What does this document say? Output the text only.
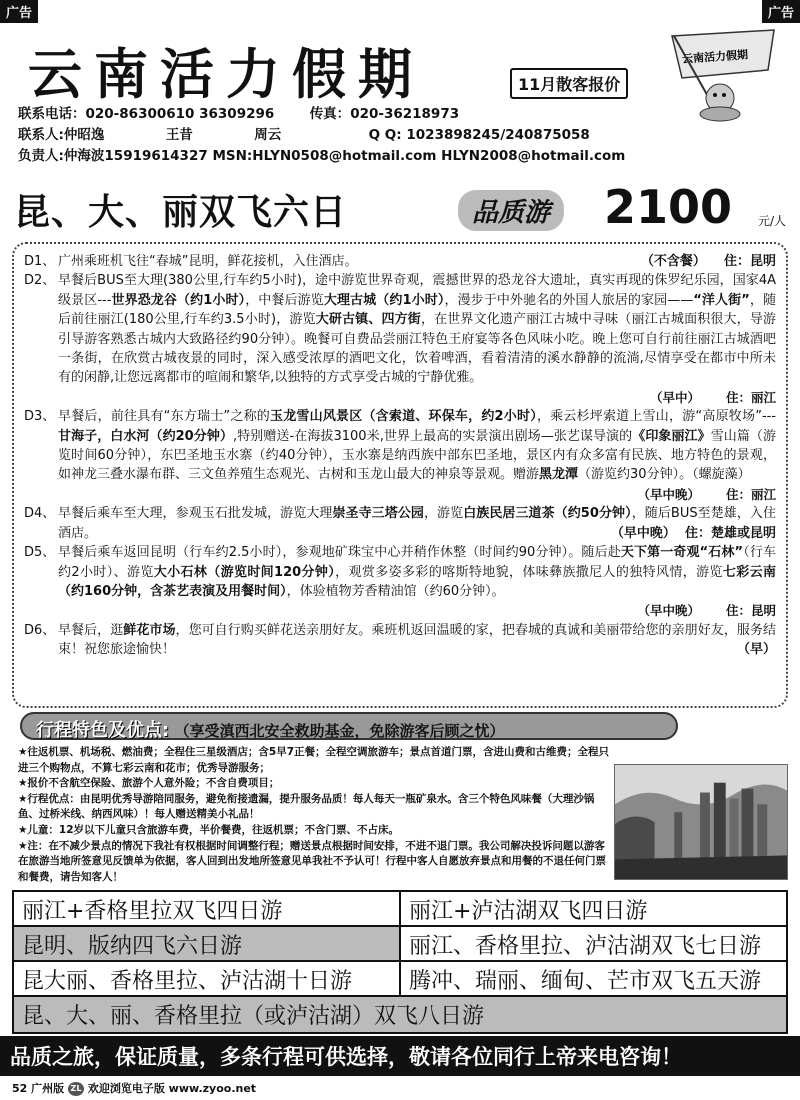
广告	广告
云南活力假期	11月散客报价
云南活力假期
联系电话：020-86300610 36309296	传真：020-36218973
联系人:仲昭逸	王昔	周云	Q Q: 1023898245/240875058
负责人:仲海波15919614327 MSN:HLYN0508@hotmail.com HLYN2008@hotmail.com
昆、大、丽双飞六日	品质游	2100 元/人
D1、 广州乘班机飞往“春城”昆明，鲜花接机，入住酒店。	（不含餐） 住：昆明
D2、 早餐后BUS至大理(380公里,行车约5小时)，途中游览世界奇观，震撼世界的恐龙谷大遗址，真实再现的侏罗纪乐园，国家4A级景区---世界恐龙谷（约1小时），中餐后游览大理古城（约1小时），漫步于中外驰名的外国人旅居的家园——“洋人街”，随后前往丽江(180公里,行车约3.5小时)，游览大研古镇、四方街，在世界文化遗产丽江古城中寻味（丽江古城面积很大，导游引导游客熟悉古城内大致路径约90分钟）。晚餐可自费品尝丽江特色王府宴等各色风味小吃。晚上您可自行前往丽江古城酒吧一条街，在欣赏古城夜景的同时，深入感受浓厚的酒吧文化，饮着啤酒，看着清清的溪水静静的流淌,尽情享受在都市中所未有的闲静,让您远离都市的喧闹和繁华,以独特的方式享受古城的宁静优雅。
（早中） 住：丽江
D3、 早餐后，前往具有“东方瑞士”之称的玉龙雪山风景区（含索道、环保车，约2小时），乘云杉坪索道上雪山，游“高原牧场”---甘海子，白水河（约20分钟）,特别赠送-在海拔3100米,世界上最高的实景演出剧场—张艺谋导演的《印象丽江》雪山篇（游览时间60分钟），东巴圣地玉水寨（约40分钟），玉水寨是纳西族中部东巴圣地，景区内有众多富有民族、地方特色的景观，如神龙三叠水瀑布群、三文鱼养殖生态观光、古树和玉龙山最大的神泉等景观。赠游黑龙潭（游览约30分钟）。（螺旋藻）
（早中晚） 住：丽江
D4、 早餐后乘车至大理，参观玉石批发城，游览大理崇圣寺三塔公园，游览白族民居三道茶（约50分钟），随后BUS至楚雄，入住酒店。	（早中晚） 住：楚雄或昆明
D5、 早餐后乘车返回昆明（行车约2.5小时），参观地矿珠宝中心并稍作休整（时间约90分钟）。随后赴天下第一奇观“石林”（行车约2小时）、游览大小石林（游览时间120分钟），观赏多姿多彩的喀斯特地貌，体味彝族撒尼人的独特风情，游览七彩云南（约160分钟，含茶艺表演及用餐时间），体验植物芳香精油馆（约60分钟）。
（早中晚） 住：昆明
D6、 早餐后，逛鲜花市场，您可自行购买鲜花送亲朋好友。乘班机返回温暖的家，把春城的真诚和美丽带给您的亲朋好友，服务结束！祝您旅途愉快！	（早）
行程特色及优点: （享受滇西北安全救助基金，免除游客后顾之忧）
★往返机票、机场税、燃油费；全程住三星级酒店；含5早7正餐；全程空调旅游车；景点首道门票，含进山费和古维费；全程只进三个购物点，不算七彩云南和花市；优秀导游服务；
★报价不含航空保险、旅游个人意外险；不含自费项目；
★行程优点：由昆明优秀导游陪同服务，避免衔接遗漏，提升服务品质！每人每天一瓶矿泉水。含三个特色风味餐（大理沙锅鱼、过桥米线、纳西风味）！每人赠送精美小礼品！
★儿童：12岁以下儿童只含旅游车费，半价餐费，往返机票；不含门票、不占床。
★注：在不减少景点的情况下我社有权根据时间调整行程；赠送景点根据时间安排，不进不退门票。我公司解决投诉问题以游客在旅游当地所签意见反馈单为依据，客人回到出发地所签意见单我社不予认可！行程中客人自愿放弃景点和用餐的不退任何门票和餐费，请告知客人！
丽江+香格里拉双飞四日游	丽江+泸沽湖双飞四日游
昆明、版纳四飞六日游	丽江、香格里拉、泸沽湖双飞七日游
昆大丽、香格里拉、泸沽湖十日游	腾冲、瑞丽、缅甸、芒市双飞五天游
昆、大、丽、香格里拉（或泸沽湖）双飞八日游
品质之旅，保证质量，多条行程可供选择，敬请各位同行上帝来电咨询！
52 广州版 ZL 欢迎浏览电子版 www.zyoo.net
